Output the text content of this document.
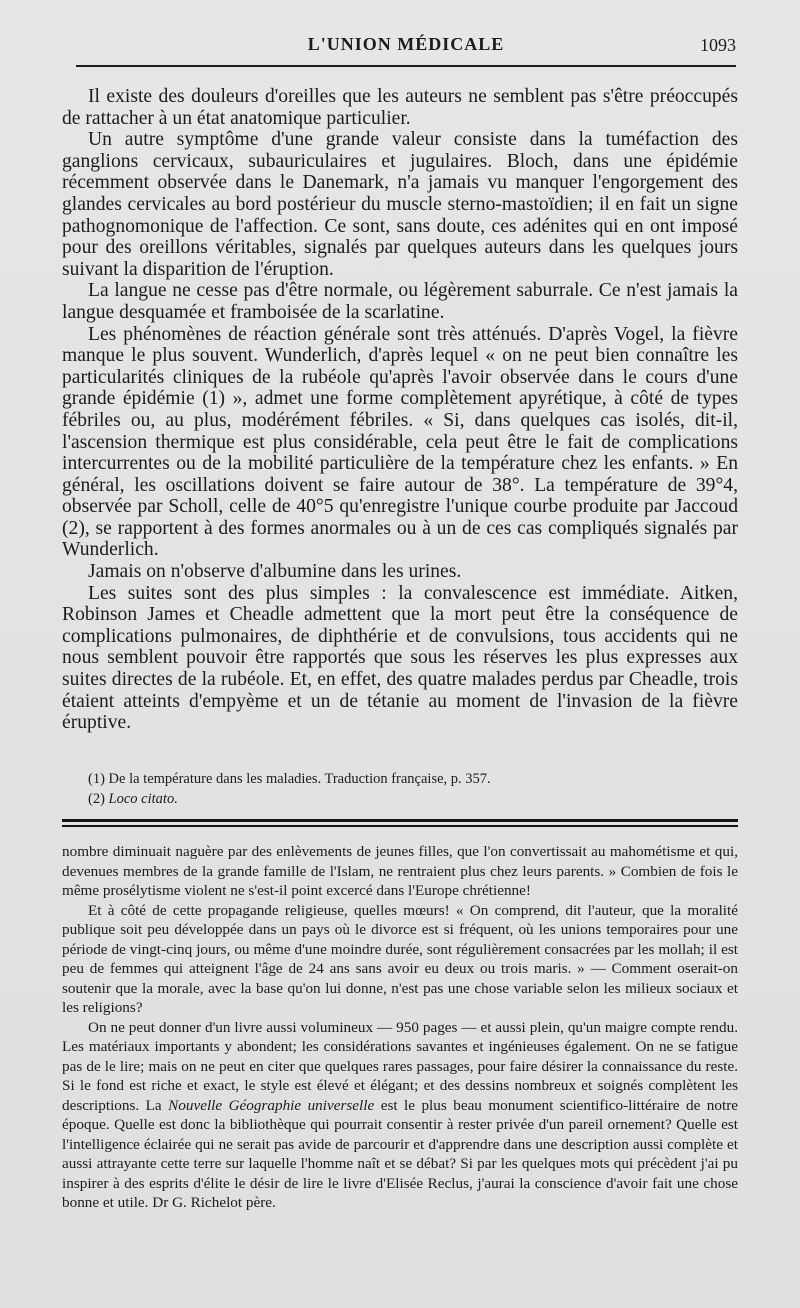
L'UNION MÉDICALE	1093

Il existe des douleurs d'oreilles que les auteurs ne semblent pas s'être préoccupés de rattacher à un état anatomique particulier.

Un autre symptôme d'une grande valeur consiste dans la tuméfaction des ganglions cervicaux, subauriculaires et jugulaires. Bloch, dans une épidémie récemment observée dans le Danemark, n'a jamais vu manquer l'engorgement des glandes cervicales au bord postérieur du muscle sterno-mastoïdien; il en fait un signe pathognomonique de l'affection. Ce sont, sans doute, ces adénites qui en ont imposé pour des oreillons véritables, signalés par quelques auteurs dans les quelques jours suivant la disparition de l'éruption.

La langue ne cesse pas d'être normale, ou légèrement saburrale. Ce n'est jamais la langue desquamée et framboisée de la scarlatine.

Les phénomènes de réaction générale sont très atténués. D'après Vogel, la fièvre manque le plus souvent. Wunderlich, d'après lequel « on ne peut bien connaître les particularités cliniques de la rubéole qu'après l'avoir observée dans le cours d'une grande épidémie (1) », admet une forme complètement apyrétique, à côté de types fébriles ou, au plus, modérément fébriles. « Si, dans quelques cas isolés, dit-il, l'ascension thermique est plus considérable, cela peut être le fait de complications intercurrentes ou de la mobilité particulière de la température chez les enfants. » En général, les oscillations doivent se faire autour de 38°. La température de 39°4, observée par Scholl, celle de 40°5 qu'enregistre l'unique courbe produite par Jaccoud (2), se rapportent à des formes anormales ou à un de ces cas compliqués signalés par Wunderlich.

Jamais on n'observe d'albumine dans les urines.

Les suites sont des plus simples : la convalescence est immédiate. Aitken, Robinson James et Cheadle admettent que la mort peut être la conséquence de complications pulmonaires, de diphthérie et de convulsions, tous accidents qui ne nous semblent pouvoir être rapportés que sous les réserves les plus expresses aux suites directes de la rubéole. Et, en effet, des quatre malades perdus par Cheadle, trois étaient atteints d'empyème et un de tétanie au moment de l'invasion de la fièvre éruptive.

(1) De la température dans les maladies. Traduction française, p. 357.

(2) Loco citato.

nombre diminuait naguère par des enlèvements de jeunes filles, que l'on convertissait au mahométisme et qui, devenues membres de la grande famille de l'Islam, ne rentraient plus chez leurs parents. » Combien de fois le même prosélytisme violent ne s'est-il point excercé dans l'Europe chrétienne!

Et à côté de cette propagande religieuse, quelles mœurs! « On comprend, dit l'auteur, que la moralité publique soit peu développée dans un pays où le divorce est si fréquent, où les unions temporaires pour une période de vingt-cinq jours, ou même d'une moindre durée, sont régulièrement consacrées par les mollah; il est peu de femmes qui atteignent l'âge de 24 ans sans avoir eu deux ou trois maris. » — Comment oserait-on soutenir que la morale, avec la base qu'on lui donne, n'est pas une chose variable selon les milieux sociaux et les religions?

On ne peut donner d'un livre aussi volumineux — 950 pages — et aussi plein, qu'un maigre compte rendu. Les matériaux importants y abondent; les considérations savantes et ingénieuses également. On ne se fatigue pas de le lire; mais on ne peut en citer que quelques rares passages, pour faire désirer la connaissance du reste. Si le fond est riche et exact, le style est élevé et élégant; et des dessins nombreux et soignés complètent les descriptions. La Nouvelle Géographie universelle est le plus beau monument scientifico-littéraire de notre époque. Quelle est donc la bibliothèque qui pourrait consentir à rester privée d'un pareil ornement? Quelle est l'intelligence éclairée qui ne serait pas avide de parcourir et d'apprendre dans une description aussi complète et aussi attrayante cette terre sur laquelle l'homme naît et se débat? Si par les quelques mots qui précèdent j'ai pu inspirer à des esprits d'élite le désir de lire le livre d'Elisée Reclus, j'aurai la conscience d'avoir fait une chose bonne et utile. Dr G. Richelot père.
